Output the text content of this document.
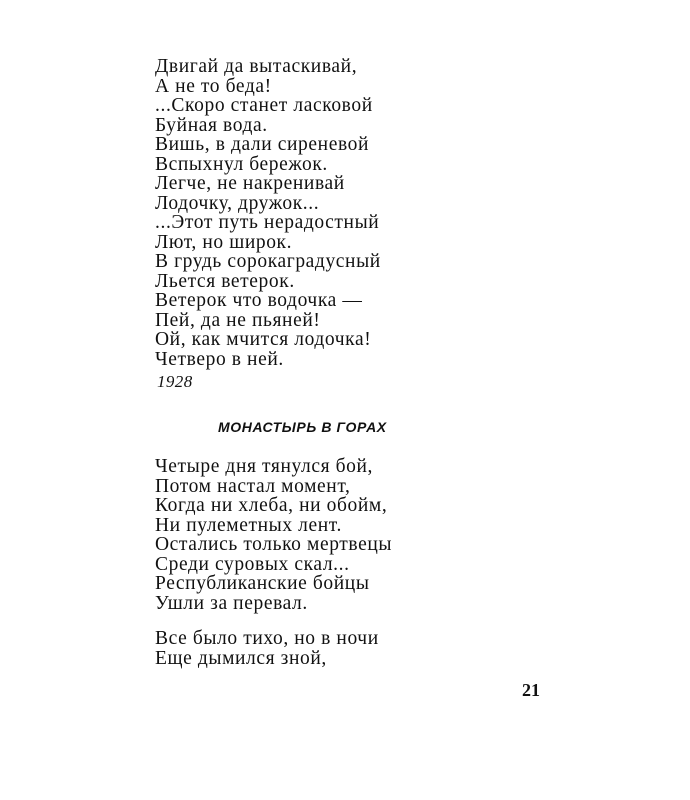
Двигай да вытаскивай,
А не то беда!
...Скоро станет ласковой
Буйная вода.
Вишь, в дали сиреневой
Вспыхнул бережок.
Легче, не накренивай
Лодочку, дружок...
...Этот путь нерадостный
Лют, но широк.
В грудь сорокаградусный
Льется ветерок.
Ветерок что водочка —
Пей, да не пьяней!
Ой, как мчится лодочка!
Четверо в ней.
1928
МОНАСТЫРЬ В ГОРАХ
Четыре дня тянулся бой,
Потом настал момент,
Когда ни хлеба, ни обойм,
Ни пулеметных лент.
Остались только мертвецы
Среди суровых скал...
Республиканские бойцы
Ушли за перевал.
Все было тихо, но в ночи
Еще дымился зной,
21
